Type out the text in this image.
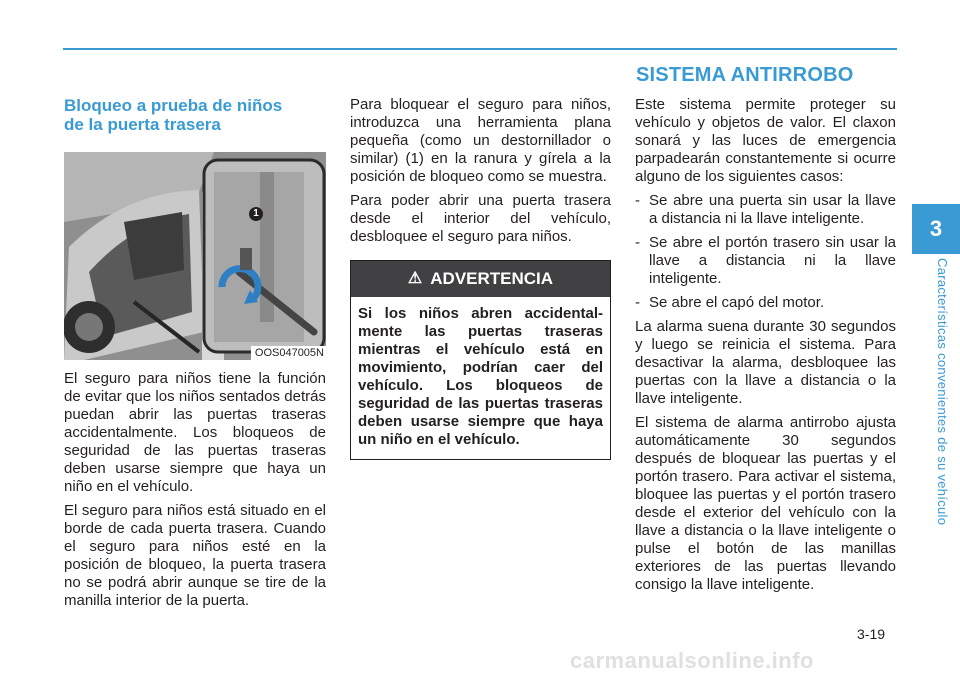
SISTEMA ANTIRROBO
Bloqueo a prueba de niños
de la puerta trasera
1
OOS047005N

El seguro para niños tiene la función de evitar que los niños sentados detrás puedan abrir las puertas traseras accidentalmente. Los bloqueos de seguridad de las puertas traseras deben usarse siempre que haya un niño en el vehículo.

El seguro para niños está situado en el borde de cada puerta trasera. Cuando el seguro para niños esté en la posición de bloqueo, la puerta trasera no se podrá abrir aunque se tire de la manilla interior de la puerta.

Para bloquear el seguro para niños, introduzca una herramienta plana pequeña (como un destornillador o similar) (1) en la ranura y gírela a la posición de bloqueo como se muestra.

Para poder abrir una puerta trasera desde el interior del vehículo, desbloquee el seguro para niños.

⚠ ADVERTENCIA
Si los niños abren accidentalmente las puertas traseras mientras el vehículo está en movimiento, podrían caer del vehículo. Los bloqueos de seguridad de las puertas traseras deben usarse siempre que haya un niño en el vehículo.

Este sistema permite proteger su vehículo y objetos de valor. El claxon sonará y las luces de emergencia parpadearán constantemente si ocurre alguno de los siguientes casos:

- Se abre una puerta sin usar la llave a distancia ni la llave inteligente.
- Se abre el portón trasero sin usar la llave a distancia ni la llave inteligente.
- Se abre el capó del motor.

La alarma suena durante 30 segundos y luego se reinicia el sistema. Para desactivar la alarma, desbloquee las puertas con la llave a distancia o la llave inteligente.

El sistema de alarma antirrobo ajusta automáticamente 30 segundos después de bloquear las puertas y el portón trasero. Para activar el sistema, bloquee las puertas y el portón trasero desde el exterior del vehículo con la llave a distancia o la llave inteligente o pulse el botón de las manillas exteriores de las puertas llevando consigo la llave inteligente.

3
Características convenientes de su vehículo
3-19
carmanualsonline.info
